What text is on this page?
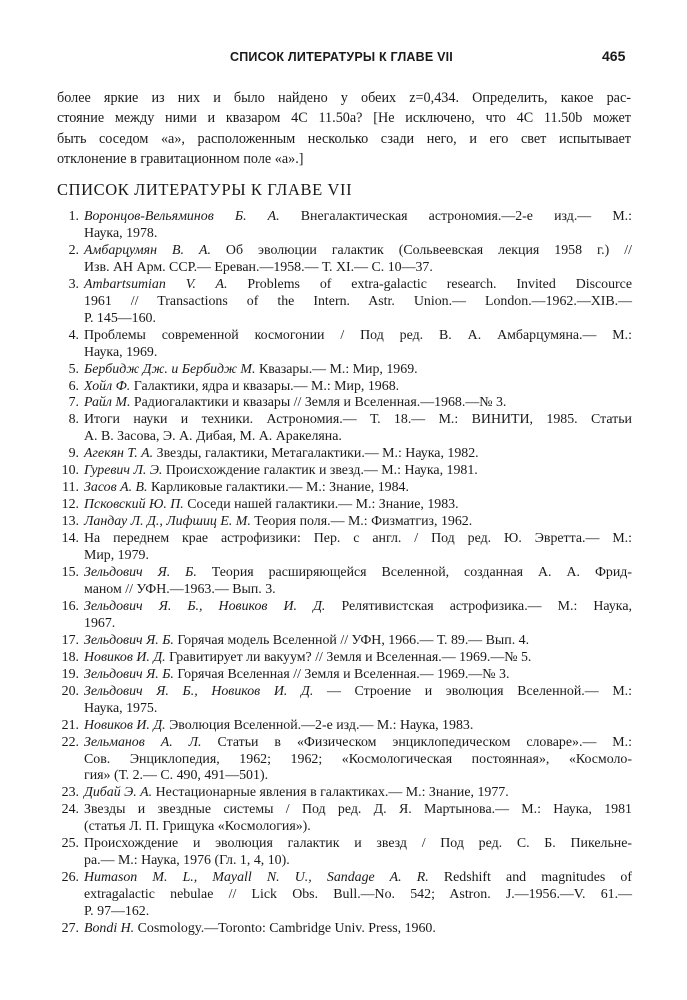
СПИСОК ЛИТЕРАТУРЫ К ГЛАВЕ VII	465
более яркие из них и было найдено у обеих z=0,434. Определить, какое рас-
стояние между ними и квазаром 4С 11.50а? [Не исключено, что 4С 11.50b может
быть соседом «а», расположенным несколько сзади него, и его свет испытывает
отклонение в гравитационном поле «а».]
СПИСОК ЛИТЕРАТУРЫ К ГЛАВЕ VII
1. Воронцов-Вельяминов Б. А. Внегалактическая астрономия.—2-е изд.— М.:
Наука, 1978.
2. Амбарцумян В. А. Об эволюции галактик (Сольвеевская лекция 1958 г.) //
Изв. АН Арм. ССР.— Ереван.—1958.— Т. XI.— С. 10—37.
3. Ambartsumian V. A. Problems of extra-galactic research. Invited Discource
1961 // Transactions of the Intern. Astr. Union.— London.—1962.—XIB.—
Р. 145—160.
4. Проблемы современной космогонии / Под ред. В. А. Амбарцумяна.— М.:
Наука, 1969.
5. Бербидж Дж. и Бербидж М. Квазары.— М.: Мир, 1969.
6. Хойл Ф. Галактики, ядра и квазары.— М.: Мир, 1968.
7. Райл М. Радиогалактики и квазары // Земля и Вселенная.—1968.—№ 3.
8. Итоги науки и техники. Астрономия.— Т. 18.— М.: ВИНИТИ, 1985. Статьи
А. В. Засова, Э. А. Дибая, М. А. Аракеляна.
9. Агекян Т. А. Звезды, галактики, Метагалактики.— М.: Наука, 1982.
10. Гуревич Л. Э. Происхождение галактик и звезд.— М.: Наука, 1981.
11. Засов А. В. Карликовые галактики.— М.: Знание, 1984.
12. Псковский Ю. П. Соседи нашей галактики.— М.: Знание, 1983.
13. Ландау Л. Д., Лифшиц Е. М. Теория поля.— М.: Физматгиз, 1962.
14. На переднем крае астрофизики: Пер. с англ. / Под ред. Ю. Эвретта.— М.:
Мир, 1979.
15. Зельдович Я. Б. Теория расширяющейся Вселенной, созданная А. А. Фрид-
маном // УФН.—1963.— Вып. 3.
16. Зельдович Я. Б., Новиков И. Д. Релятивистская астрофизика.— М.: Наука,
1967.
17. Зельдович Я. Б. Горячая модель Вселенной // УФН, 1966.— Т. 89.— Вып. 4.
18. Новиков И. Д. Гравитирует ли вакуум? // Земля и Вселенная.— 1969.—№ 5.
19. Зельдович Я. Б. Горячая Вселенная // Земля и Вселенная.— 1969.—№ 3.
20. Зельдович Я. Б., Новиков И. Д. — Строение и эволюция Вселенной.— М.:
Наука, 1975.
21. Новиков И. Д. Эволюция Вселенной.—2-е изд.— М.: Наука, 1983.
22. Зельманов А. Л. Статьи в «Физическом энциклопедическом словаре».— М.:
Сов. Энциклопедия, 1962; 1962; «Космологическая постоянная», «Космоло-
гия» (Т. 2.— С. 490, 491—501).
23. Дибай Э. А. Нестационарные явления в галактиках.— М.: Знание, 1977.
24. Звезды и звездные системы / Под ред. Д. Я. Мартынова.— М.: Наука, 1981
(статья Л. П. Грищука «Космология»).
25. Происхождение и эволюция галактик и звезд / Под ред. С. Б. Пикельне-
ра.— М.: Наука, 1976 (Гл. 1, 4, 10).
26. Humason M. L., Mayall N. U., Sandage A. R. Redshift and magnitudes of
extragalactic nebulae // Lick Obs. Bull.—No. 542; Astron. J.—1956.—V. 61.—
P. 97—162.
27. Bondi H. Cosmology.—Toronto: Cambridge Univ. Press, 1960.
